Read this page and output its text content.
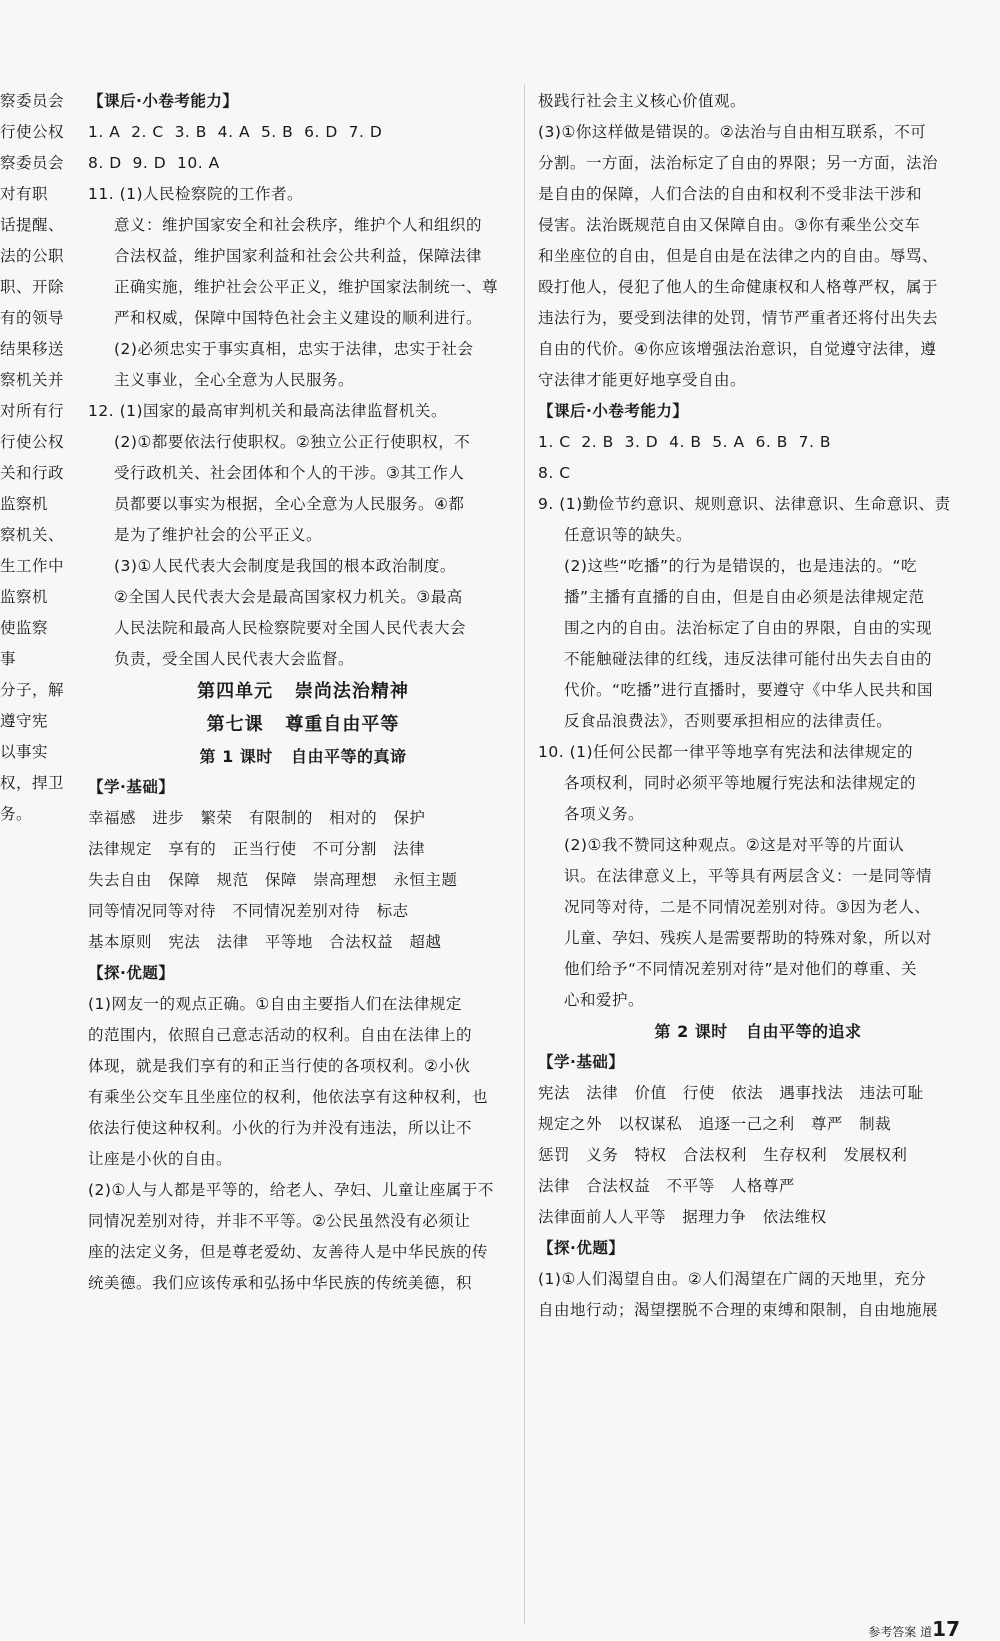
察委员会

行使公权

察委员会

对有职

话提醒、

法的公职

职、开除

有的领导

结果移送

察机关并

对所有行

行使公权

关和行政

监察机

察机关、

生工作中

监察机

使监察

事

分子，解

遵守宪

以事实

权，捍卫

务。

【课后·小卷考能力】

1. A  2. C  3. B  4. A  5. B  6. D  7. D

8. D  9. D  10. A

11. (1)人民检察院的工作者。

意义：维护国家安全和社会秩序，维护个人和组织的

合法权益，维护国家利益和社会公共利益，保障法律

正确实施，维护社会公平正义，维护国家法制统一、尊

严和权威，保障中国特色社会主义建设的顺利进行。

(2)必须忠实于事实真相，忠实于法律，忠实于社会

主义事业，全心全意为人民服务。

12. (1)国家的最高审判机关和最高法律监督机关。

(2)①都要依法行使职权。②独立公正行使职权，不

受行政机关、社会团体和个人的干涉。③其工作人

员都要以事实为根据，全心全意为人民服务。④都

是为了维护社会的公平正义。

(3)①人民代表大会制度是我国的根本政治制度。

②全国人民代表大会是最高国家权力机关。③最高

人民法院和最高人民检察院要对全国人民代表大会

负责，受全国人民代表大会监督。

第四单元   崇尚法治精神

第七课   尊重自由平等

第 1 课时   自由平等的真谛

【学·基础】

幸福感   进步   繁荣   有限制的   相对的   保护

法律规定   享有的   正当行使   不可分割   法律

失去自由   保障   规范   保障   崇高理想   永恒主题

同等情况同等对待   不同情况差别对待   标志

基本原则   宪法   法律   平等地   合法权益   超越

【探·优题】

(1)网友一的观点正确。①自由主要指人们在法律规定

的范围内，依照自己意志活动的权利。自由在法律上的

体现，就是我们享有的和正当行使的各项权利。②小伙

有乘坐公交车且坐座位的权利，他依法享有这种权利，也

依法行使这种权利。小伙的行为并没有违法，所以让不

让座是小伙的自由。

(2)①人与人都是平等的，给老人、孕妇、儿童让座属于不

同情况差别对待，并非不平等。②公民虽然没有必须让

座的法定义务，但是尊老爱幼、友善待人是中华民族的传

统美德。我们应该传承和弘扬中华民族的传统美德，积

极践行社会主义核心价值观。

(3)①你这样做是错误的。②法治与自由相互联系，不可

分割。一方面，法治标定了自由的界限；另一方面，法治

是自由的保障，人们合法的自由和权利不受非法干涉和

侵害。法治既规范自由又保障自由。③你有乘坐公交车

和坐座位的自由，但是自由是在法律之内的自由。辱骂、

殴打他人，侵犯了他人的生命健康权和人格尊严权，属于

违法行为，要受到法律的处罚，情节严重者还将付出失去

自由的代价。④你应该增强法治意识，自觉遵守法律，遵

守法律才能更好地享受自由。

【课后·小卷考能力】

1. C  2. B  3. D  4. B  5. A  6. B  7. B

8. C

9. (1)勤俭节约意识、规则意识、法律意识、生命意识、责

任意识等的缺失。

(2)这些“吃播”的行为是错误的，也是违法的。“吃

播”主播有直播的自由，但是自由必须是法律规定范

围之内的自由。法治标定了自由的界限，自由的实现

不能触碰法律的红线，违反法律可能付出失去自由的

代价。“吃播”进行直播时，要遵守《中华人民共和国

反食品浪费法》，否则要承担相应的法律责任。

10. (1)任何公民都一律平等地享有宪法和法律规定的

各项权利，同时必须平等地履行宪法和法律规定的

各项义务。

(2)①我不赞同这种观点。②这是对平等的片面认

识。在法律意义上，平等具有两层含义：一是同等情

况同等对待，二是不同情况差别对待。③因为老人、

儿童、孕妇、残疾人是需要帮助的特殊对象，所以对

他们给予“不同情况差别对待”是对他们的尊重、关

心和爱护。

第 2 课时   自由平等的追求

【学·基础】

宪法   法律   价值   行使   依法   遇事找法   违法可耻

规定之外   以权谋私   追逐一己之利   尊严   制裁

惩罚   义务   特权   合法权利   生存权利   发展权利

法律   合法权益   不平等   人格尊严

法律面前人人平等   据理力争   依法维权

【探·优题】

(1)①人们渴望自由。②人们渴望在广阔的天地里，充分

自由地行动；渴望摆脱不合理的束缚和限制，自由地施展

参考答案 道17
